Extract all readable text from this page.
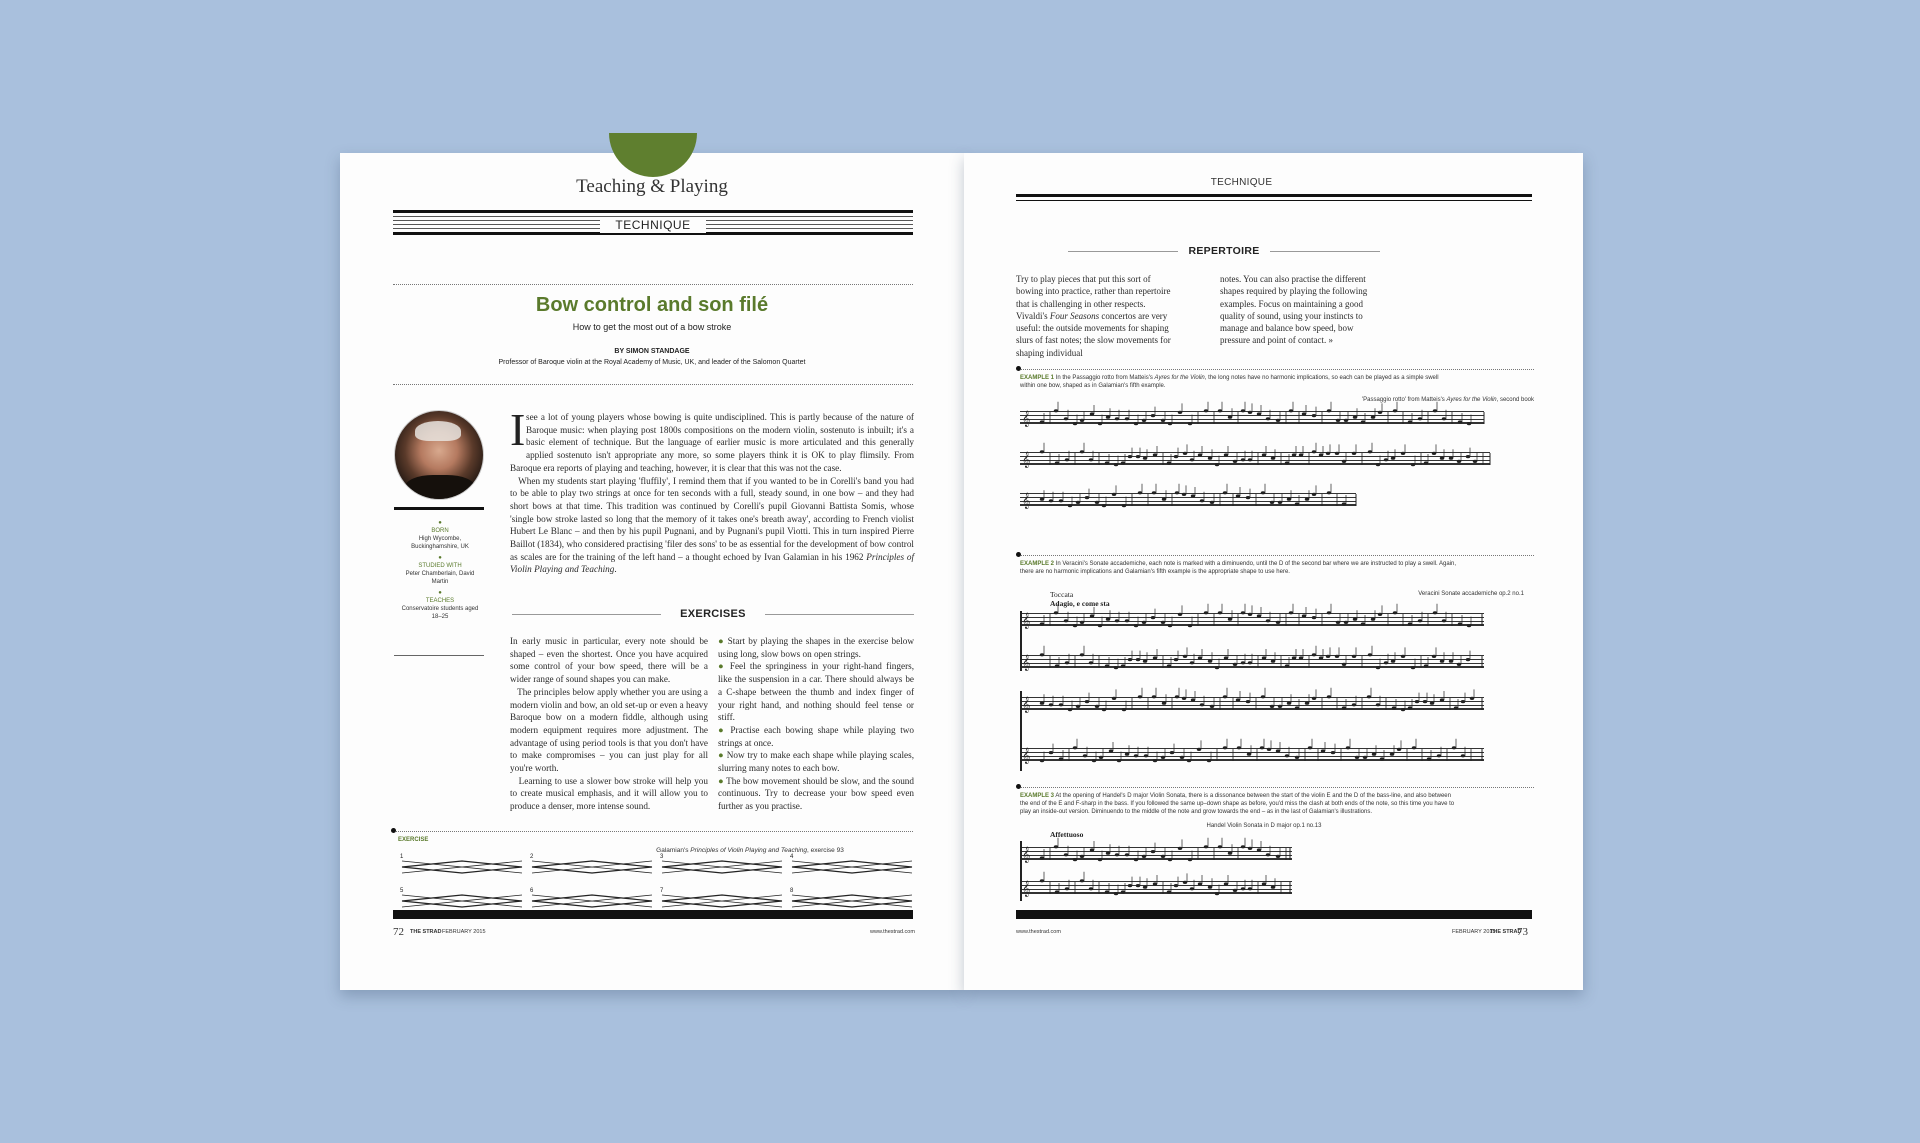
Teaching & Playing
TECHNIQUE
Bow control and son filé
How to get the most out of a bow stroke
BY SIMON STANDAGE
Professor of Baroque violin at the Royal Academy of Music, UK, and leader of the Salomon Quartet
●
BORN
High Wycombe, Buckinghamshire, UK
●
STUDIED WITH
Peter Chamberlain, David Martin
●
TEACHES
Conservatoire students aged 18–25
I see a lot of young players whose bowing is quite undisciplined. This is partly because of the nature of Baroque music: when playing post 1800s compositions on the modern violin, sostenuto is inbuilt; it's a basic element of technique. But the language of earlier music is more articulated and this generally applied sostenuto isn't appropriate any more, so some players think it is OK to play flimsily. From Baroque era reports of playing and teaching, however, it is clear that this was not the case.
When my students start playing 'fluffily', I remind them that if you wanted to be in Corelli's band you had to be able to play two strings at once for ten seconds with a full, steady sound, in one bow – and they had short bows at that time. This tradition was continued by Corelli's pupil Giovanni Battista Somis, whose 'single bow stroke lasted so long that the memory of it takes one's breath away', according to French violist Hubert Le Blanc – and then by his pupil Pugnani, and by Pugnani's pupil Viotti. This in turn inspired Pierre Baillot (1834), who considered practising 'filer des sons' to be as essential for the development of bow control as scales are for the training of the left hand – a thought echoed by Ivan Galamian in his 1962 Principles of Violin Playing and Teaching.
EXERCISES
In early music in particular, every note should be shaped – even the shortest. Once you have acquired some control of your bow speed, there will be a wider range of sound shapes you can make.
The principles below apply whether you are using a modern violin and bow, an old set-up or even a heavy Baroque bow on a modern fiddle, although using modern equipment requires more adjustment. The advantage of using period tools is that you don't have to make compromises – you can just play for all you're worth.
Learning to use a slower bow stroke will help you to create musical emphasis, and it will allow you to produce a denser, more intense sound.
● Start by playing the shapes in the exercise below using long, slow bows on open strings.
● Feel the springiness in your right-hand fingers, like the suspension in a car. There should always be a C-shape between the thumb and index finger of your right hand, and nothing should feel tense or stiff.
● Practise each bowing shape while playing two strings at once.
● Now try to make each shape while playing scales, slurring many notes to each bow.
● The bow movement should be slow, and the sound continuous. Try to decrease your bow speed even further as you practise.
EXERCISE
Galamian's Principles of Violin Playing and Teaching, exercise 93
1	2	3	4
5	6	7	8
72 THE STRAD FEBRUARY 2015	www.thestrad.com
TECHNIQUE
REPERTOIRE
Try to play pieces that put this sort of bowing into practice, rather than repertoire that is challenging in other respects. Vivaldi's Four Seasons concertos are very useful: the outside movements for shaping slurs of fast notes; the slow movements for shaping individual
notes. You can also practise the different shapes required by playing the following examples. Focus on maintaining a good quality of sound, using your instincts to manage and balance bow speed, bow pressure and point of contact. »
EXAMPLE 1 In the Passaggio rotto from Matteis's Ayres for the Violin, the long notes have no harmonic implications, so each can be played as a simple swell within one bow, shaped as in Galamian's fifth example.
'Passaggio rotto' from Matteis's Ayres for the Violin, second book
𝄞
𝄞
𝄞
EXAMPLE 2 In Veracini's Sonate accademiche, each note is marked with a diminuendo, until the D of the second bar where we are instructed to play a swell. Again, there are no harmonic implications and Galamian's fifth example is the appropriate shape to use here.
Toccata
Adagio, e come sta
Veracini Sonate accademiche op.2 no.1
𝄞
𝄞
𝄞
𝄞
EXAMPLE 3 At the opening of Handel's D major Violin Sonata, there is a dissonance between the start of the violin E and the D of the bass-line, and also between the end of the E and F-sharp in the bass. If you followed the same up–down shape as before, you'd miss the clash at both ends of the note, so this time you have to play an inside-out version. Diminuendo to the middle of the note and grow towards the end – as in the last of Galamian's illustrations.
Handel Violin Sonata in D major op.1 no.13
Affettuoso
𝄞
𝄞
www.thestrad.com	FEBRUARY 2015
THE STRAD
73
